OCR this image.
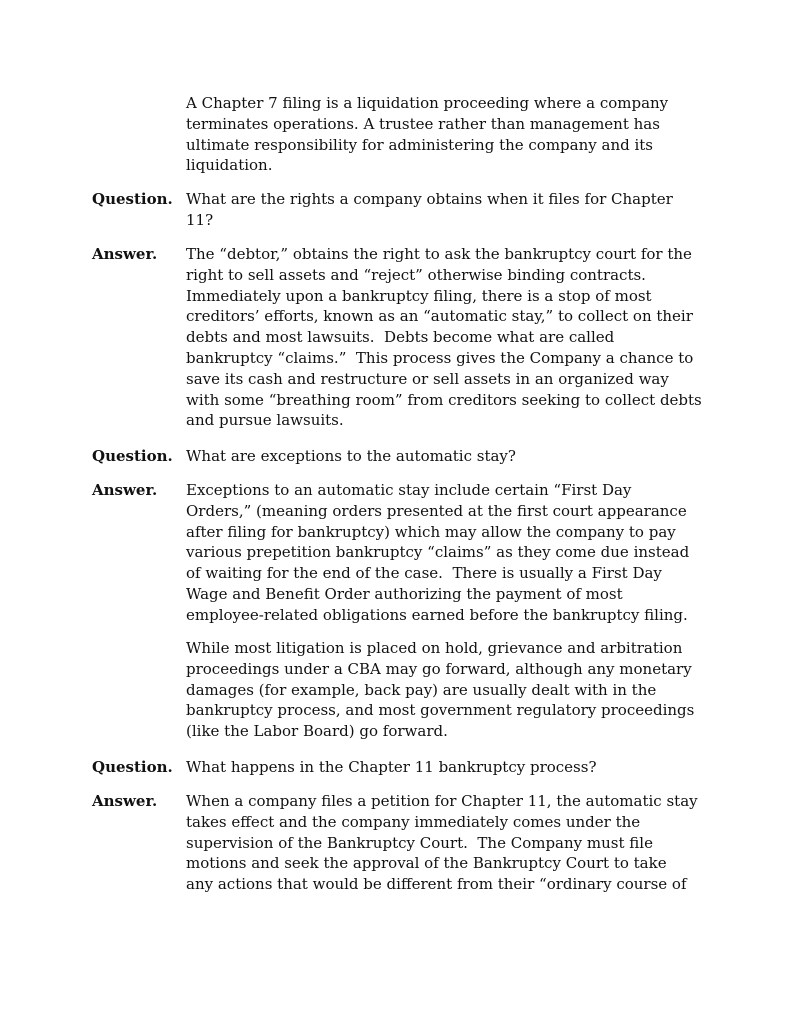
A Chapter 7 filing is a liquidation proceeding where a company
terminates operations. A trustee rather than management has
ultimate responsibility for administering the company and its
liquidation.
Question. What are the rights a company obtains when it files for Chapter
11?
Answer. The “debtor,” obtains the right to ask the bankruptcy court for the
right to sell assets and “reject” otherwise binding contracts.
Immediately upon a bankruptcy filing, there is a stop of most
creditors’ efforts, known as an “automatic stay,” to collect on their
debts and most lawsuits.  Debts become what are called
bankruptcy “claims.”  This process gives the Company a chance to
save its cash and restructure or sell assets in an organized way
with some “breathing room” from creditors seeking to collect debts
and pursue lawsuits.
Question. What are exceptions to the automatic stay?
Answer. Exceptions to an automatic stay include certain “First Day
Orders,” (meaning orders presented at the first court appearance
after filing for bankruptcy) which may allow the company to pay
various prepetition bankruptcy “claims” as they come due instead
of waiting for the end of the case.  There is usually a First Day
Wage and Benefit Order authorizing the payment of most
employee-related obligations earned before the bankruptcy filing.
While most litigation is placed on hold, grievance and arbitration
proceedings under a CBA may go forward, although any monetary
damages (for example, back pay) are usually dealt with in the
bankruptcy process, and most government regulatory proceedings
(like the Labor Board) go forward.
Question. What happens in the Chapter 11 bankruptcy process?
Answer. When a company files a petition for Chapter 11, the automatic stay
takes effect and the company immediately comes under the
supervision of the Bankruptcy Court.  The Company must file
motions and seek the approval of the Bankruptcy Court to take
any actions that would be different from their “ordinary course of
